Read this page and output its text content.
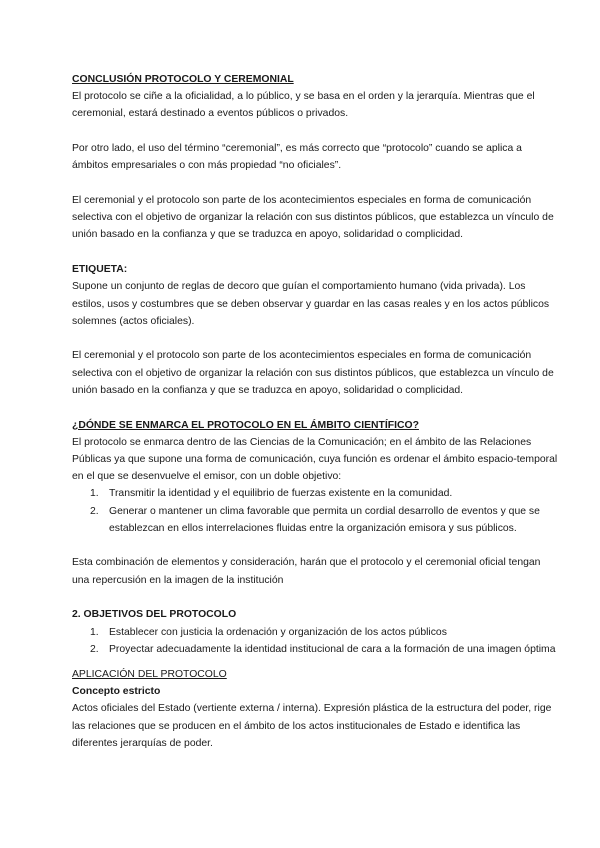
CONCLUSIÓN PROTOCOLO Y CEREMONIAL

El protocolo se ciñe a la oficialidad, a lo público, y se basa en el orden y la jerarquía. Mientras que el ceremonial, estará destinado a eventos públicos o privados.

Por otro lado, el uso del término “ceremonial”, es más correcto que “protocolo” cuando se aplica a ámbitos empresariales o con más propiedad “no oficiales”.

El ceremonial y el protocolo son parte de los acontecimientos especiales en forma de comunicación selectiva con el objetivo de organizar la relación con sus distintos públicos, que establezca un vínculo de unión basado en la confianza y que se traduzca en apoyo, solidaridad o complicidad.

ETIQUETA:

Supone un conjunto de reglas de decoro que guían el comportamiento humano (vida privada). Los estilos, usos y costumbres que se deben observar y guardar en las casas reales y en los actos públicos solemnes (actos oficiales).

El ceremonial y el protocolo son parte de los acontecimientos especiales en forma de comunicación selectiva con el objetivo de organizar la relación con sus distintos públicos, que establezca un vínculo de unión basado en la confianza y que se traduzca en apoyo, solidaridad o complicidad.

¿DÓNDE SE ENMARCA EL PROTOCOLO EN EL ÁMBITO CIENTÍFICO?

El protocolo se enmarca dentro de las Ciencias de la Comunicación; en el ámbito de las Relaciones Públicas ya que supone una forma de comunicación, cuya función es ordenar el ámbito espacio-temporal en el que se desenvuelve el emisor, con un doble objetivo:

1. Transmitir la identidad y el equilibrio de fuerzas existente en la comunidad.
2. Generar o mantener un clima favorable que permita un cordial desarrollo de eventos y que se establezcan en ellos interrelaciones fluidas entre la organización emisora y sus públicos.

Esta combinación de elementos y consideración, harán que el protocolo y el ceremonial oficial tengan una repercusión en la imagen de la institución

2. OBJETIVOS DEL PROTOCOLO

1. Establecer con justicia la ordenación y organización de los actos públicos
2. Proyectar adecuadamente la identidad institucional de cara a la formación de una imagen óptima

APLICACIÓN DEL PROTOCOLO

Concepto estricto

Actos oficiales del Estado (vertiente externa / interna). Expresión plástica de la estructura del poder, rige las relaciones que se producen en el ámbito de los actos institucionales de Estado e identifica las diferentes jerarquías de poder.
